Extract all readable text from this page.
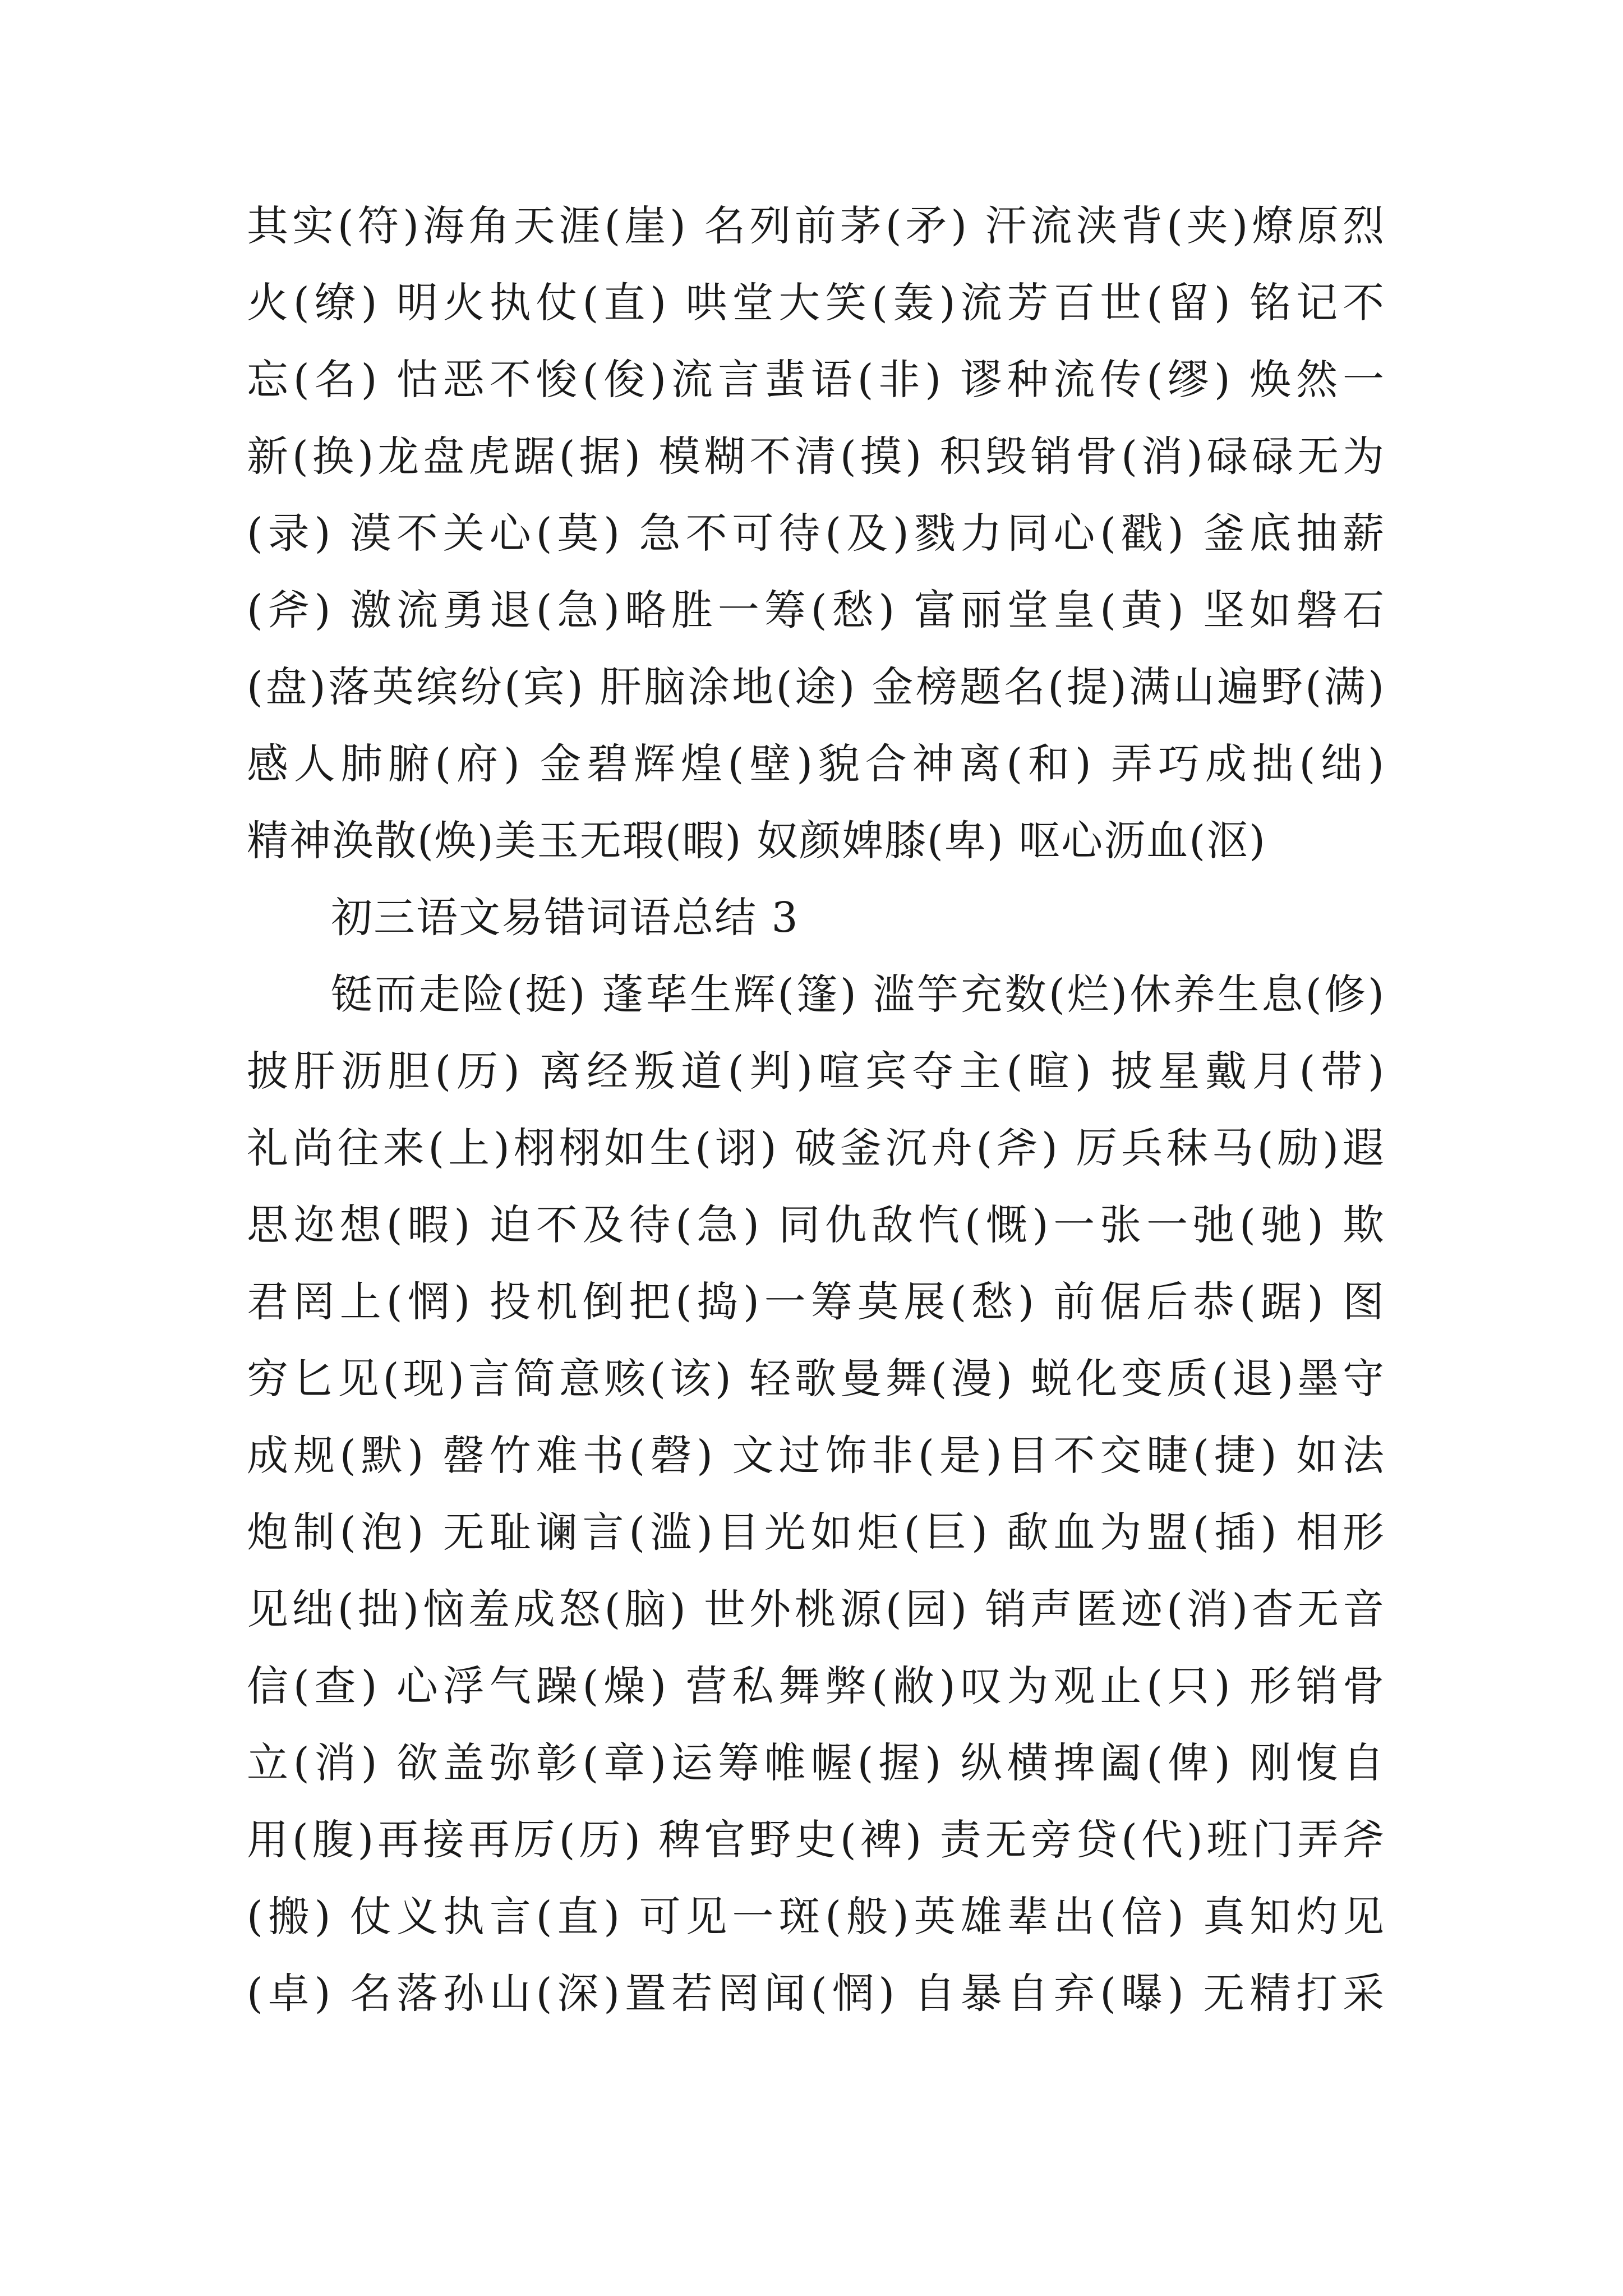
其实(符)海角天涯(崖) 名列前茅(矛) 汗流浃背(夹)燎原烈
火(缭) 明火执仗(直) 哄堂大笑(轰)流芳百世(留) 铭记不
忘(名) 怙恶不悛(俊)流言蜚语(非) 谬种流传(缪) 焕然一
新(换)龙盘虎踞(据) 模糊不清(摸) 积毁销骨(消)碌碌无为
(录) 漠不关心(莫) 急不可待(及)戮力同心(戳) 釜底抽薪
(斧) 激流勇退(急)略胜一筹(愁) 富丽堂皇(黄) 坚如磐石
(盘)落英缤纷(宾) 肝脑涂地(途) 金榜题名(提)满山遍野(满)
感人肺腑(府) 金碧辉煌(壁)貌合神离(和) 弄巧成拙(绌)
精神涣散(焕)美玉无瑕(暇) 奴颜婢膝(卑) 呕心沥血(沤)
初三语文易错词语总结 3
铤而走险(挺) 蓬荜生辉(篷) 滥竽充数(烂)休养生息(修)
披肝沥胆(历) 离经叛道(判)喧宾夺主(暄) 披星戴月(带)
礼尚往来(上)栩栩如生(诩) 破釜沉舟(斧) 厉兵秣马(励)遐
思迩想(暇) 迫不及待(急) 同仇敌忾(慨)一张一弛(驰) 欺
君罔上(惘) 投机倒把(捣)一筹莫展(愁) 前倨后恭(踞) 图
穷匕见(现)言简意赅(该) 轻歌曼舞(漫) 蜕化变质(退)墨守
成规(默) 罄竹难书(磬) 文过饰非(是)目不交睫(捷) 如法
炮制(泡) 无耻谰言(滥)目光如炬(巨) 歃血为盟(插) 相形
见绌(拙)恼羞成怒(脑) 世外桃源(园) 销声匿迹(消)杳无音
信(查) 心浮气躁(燥) 营私舞弊(敝)叹为观止(只) 形销骨
立(消) 欲盖弥彰(章)运筹帷幄(握) 纵横捭阖(俾) 刚愎自
用(腹)再接再厉(历) 稗官野史(裨) 责无旁贷(代)班门弄斧
(搬) 仗义执言(直) 可见一斑(般)英雄辈出(倍) 真知灼见
(卓) 名落孙山(深)置若罔闻(惘) 自暴自弃(曝) 无精打采
